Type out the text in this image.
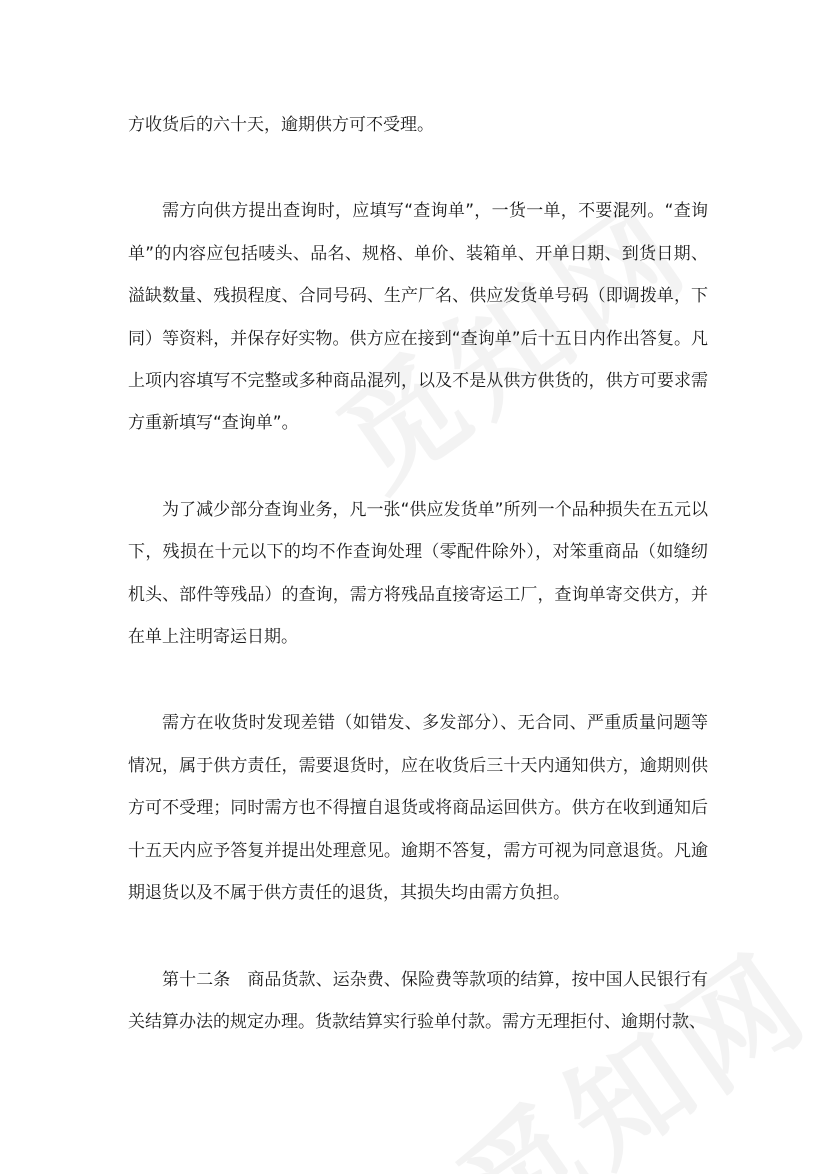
方收货后的六十天，逾期供方可不受理。

需方向供方提出查询时，应填写“查询单”，一货一单，不要混列。“查询单”的内容应包括唛头、品名、规格、单价、装箱单、开单日期、到货日期、溢缺数量、残损程度、合同号码、生产厂名、供应发货单号码（即调拨单，下同）等资料，并保存好实物。供方应在接到“查询单”后十五日内作出答复。凡上项内容填写不完整或多种商品混列，以及不是从供方供货的，供方可要求需方重新填写“查询单”。

为了减少部分查询业务，凡一张“供应发货单”所列一个品种损失在五元以下，残损在十元以下的均不作查询处理（零配件除外），对笨重商品（如缝纫机头、部件等残品）的查询，需方将残品直接寄运工厂，查询单寄交供方，并在单上注明寄运日期。

需方在收货时发现差错（如错发、多发部分）、无合同、严重质量问题等情况，属于供方责任，需要退货时，应在收货后三十天内通知供方，逾期则供方可不受理；同时需方也不得擅自退货或将商品运回供方。供方在收到通知后十五天内应予答复并提出处理意见。逾期不答复，需方可视为同意退货。凡逾期退货以及不属于供方责任的退货，其损失均由需方负担。

第十二条　商品货款、运杂费、保险费等款项的结算，按中国人民银行有关结算办法的规定办理。货款结算实行验单付款。需方无理拒付、逾期付款、
